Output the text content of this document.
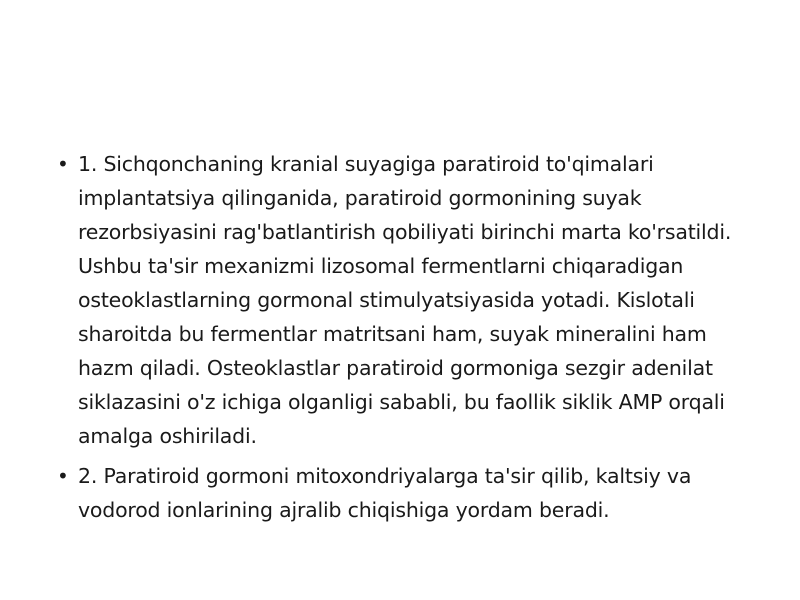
• 1. Sichqonchaning kranial suyagiga paratiroid to'qimalari implantatsiya qilinganida, paratiroid gormonining suyak rezorbsiyasini rag'batlantirish qobiliyati birinchi marta ko'rsatildi. Ushbu ta'sir mexanizmi lizosomal fermentlarni chiqaradigan osteoklastlarning gormonal stimulyatsiyasida yotadi. Kislotali sharoitda bu fermentlar matritsani ham, suyak mineralini ham hazm qiladi. Osteoklastlar paratiroid gormoniga sezgir adenilat siklazasini o'z ichiga olganligi sababli, bu faollik siklik AMP orqali amalga oshiriladi.
• 2. Paratiroid gormoni mitoxondriyalarga ta'sir qilib, kaltsiy va vodorod ionlarining ajralib chiqishiga yordam beradi.
